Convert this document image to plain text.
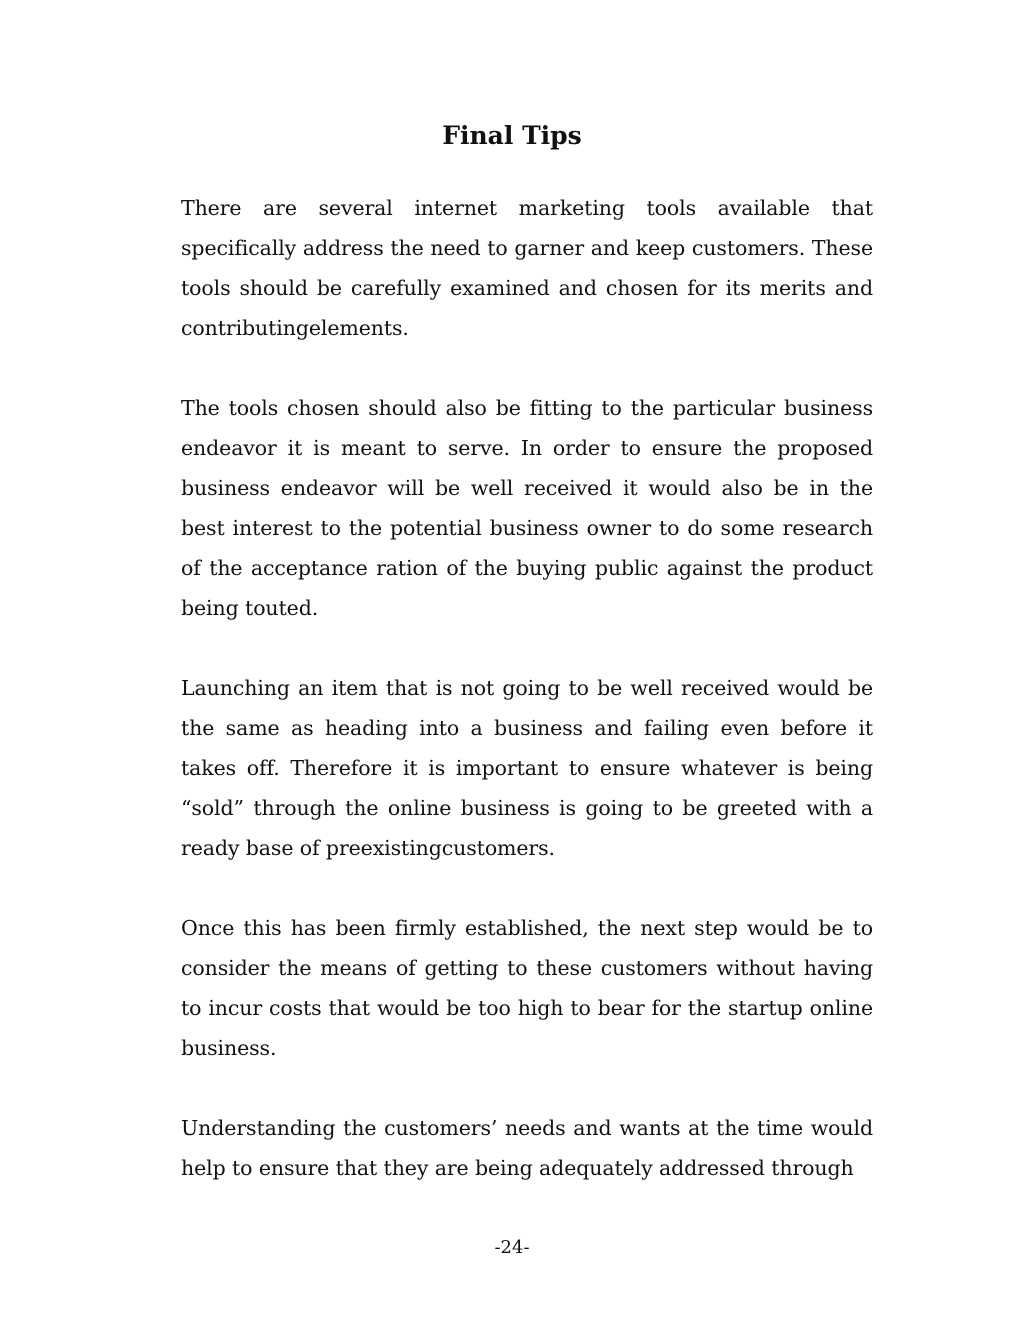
Final Tips

There are several internet marketing tools available that specifically address the need to garner and keep customers. These tools should be carefully examined and chosen for its merits and contributingelements.

The tools chosen should also be fitting to the particular business endeavor it is meant to serve. In order to ensure the proposed business endeavor will be well received it would also be in the best interest to the potential business owner to do some research of the acceptance ration of the buying public against the product being touted.

Launching an item that is not going to be well received would be the same as heading into a business and failing even before it takes off. Therefore it is important to ensure whatever is being “sold” through the online business is going to be greeted with a ready base of preexistingcustomers.

Once this has been firmly established, the next step would be to consider the means of getting to these customers without having to incur costs that would be too high to bear for the startup online business.

Understanding the customers’ needs and wants at the time would help to ensure that they are being adequately addressed through

-24-
